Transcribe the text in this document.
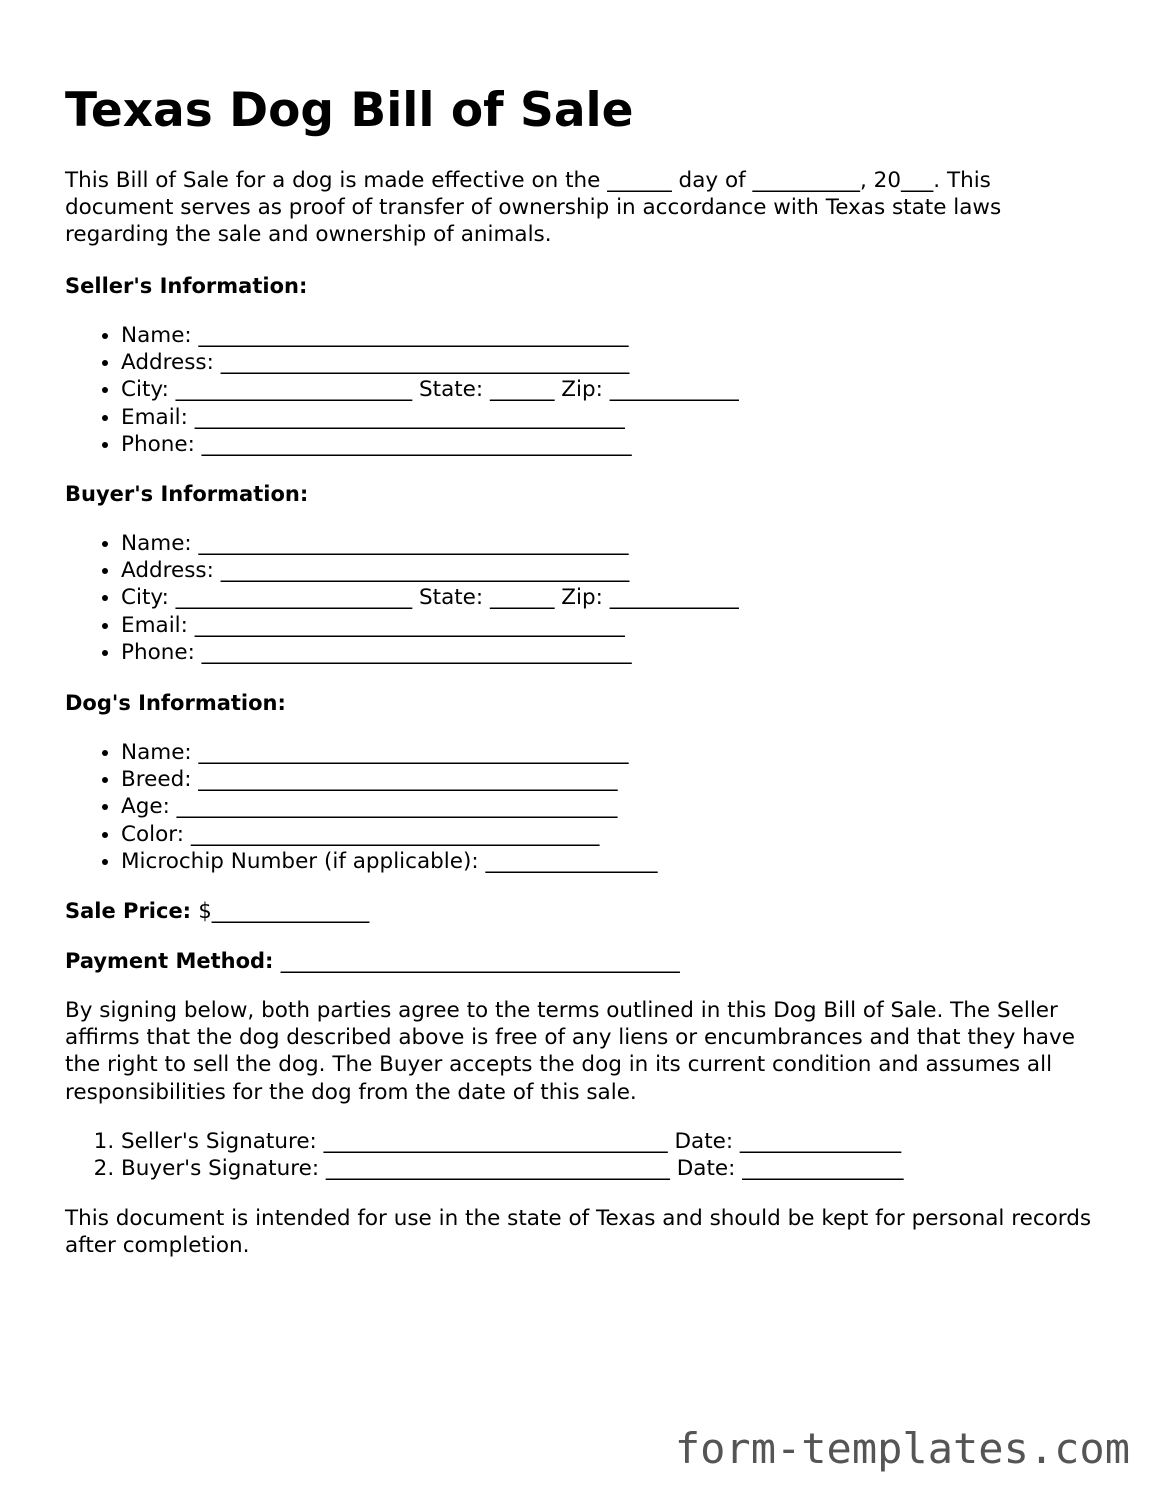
Texas Dog Bill of Sale

This Bill of Sale for a dog is made effective on the ______ day of __________, 20___. This document serves as proof of transfer of ownership in accordance with Texas state laws regarding the sale and ownership of animals.

Seller's Information:

• Name: ________________________________________
• Address: ______________________________________
• City: ______________________ State: ______ Zip: ____________
• Email: ________________________________________
• Phone: ________________________________________

Buyer's Information:

• Name: ________________________________________
• Address: ______________________________________
• City: ______________________ State: ______ Zip: ____________
• Email: ________________________________________
• Phone: ________________________________________

Dog's Information:

• Name: ________________________________________
• Breed: _______________________________________
• Age: _________________________________________
• Color: ______________________________________
• Microchip Number (if applicable): ________________

Sale Price: $_______________

Payment Method: ______________________________________

By signing below, both parties agree to the terms outlined in this Dog Bill of Sale. The Seller affirms that the dog described above is free of any liens or encumbrances and that they have the right to sell the dog. The Buyer accepts the dog in its current condition and assumes all responsibilities for the dog from the date of this sale.

1. Seller's Signature: ________________________________ Date: _______________
2. Buyer's Signature: ________________________________ Date: _______________

This document is intended for use in the state of Texas and should be kept for personal records after completion.

form-templates.com
